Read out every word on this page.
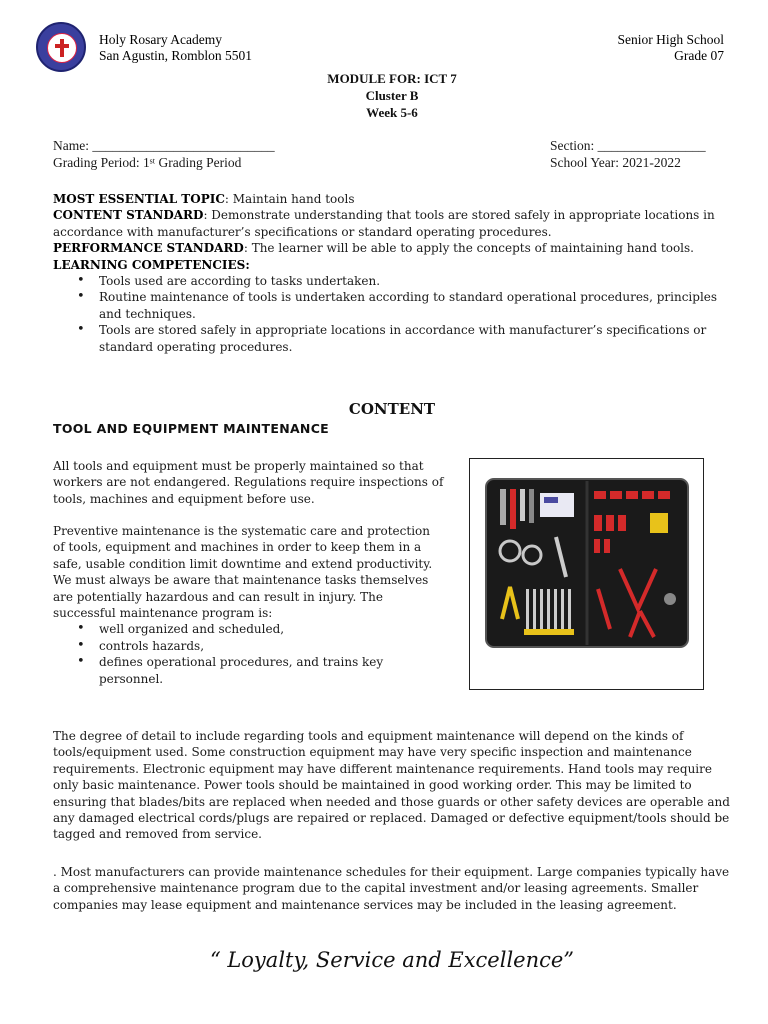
Holy Rosary Academy
San Agustin, Romblon 5501
Senior High School
Grade 07
MODULE FOR: ICT 7
Cluster B
Week 5-6
Name: ___________________________
Grading Period: 1ˢᵗ Grading Period
Section: ________________
School Year: 2021-2022
MOST ESSENTIAL TOPIC: Maintain hand tools
CONTENT STANDARD: Demonstrate understanding that tools are stored safely in appropriate locations in accordance with manufacturer’s specifications or standard operating procedures.
PERFORMANCE STANDARD: The learner will be able to apply the concepts of maintaining hand tools.
LEARNING COMPETENCIES:
• Tools used are according to tasks undertaken.
• Routine maintenance of tools is undertaken according to standard operational procedures, principles and techniques.
• Tools are stored safely in appropriate locations in accordance with manufacturer’s specifications or standard operating procedures.
CONTENT
TOOL AND EQUIPMENT MAINTENANCE
All tools and equipment must be properly maintained so that workers are not endangered. Regulations require inspections of tools, machines and equipment before use.
Preventive maintenance is the systematic care and protection of tools, equipment and machines in order to keep them in a safe, usable condition limit downtime and extend productivity. We must always be aware that maintenance tasks themselves are potentially hazardous and can result in injury. The successful maintenance program is:
• well organized and scheduled,
• controls hazards,
• defines operational procedures, and trains key personnel.
The degree of detail to include regarding tools and equipment maintenance will depend on the kinds of tools/equipment used. Some construction equipment may have very specific inspection and maintenance requirements. Electronic equipment may have different maintenance requirements. Hand tools may require only basic maintenance. Power tools should be maintained in good working order. This may be limited to ensuring that blades/bits are replaced when needed and those guards or other safety devices are operable and any damaged electrical cords/plugs are repaired or replaced. Damaged or defective equipment/tools should be tagged and removed from service.
. Most manufacturers can provide maintenance schedules for their equipment. Large companies typically have a comprehensive maintenance program due to the capital investment and/or leasing agreements. Smaller companies may lease equipment and maintenance services may be included in the leasing agreement.
“ Loyalty, Service and Excellence”
